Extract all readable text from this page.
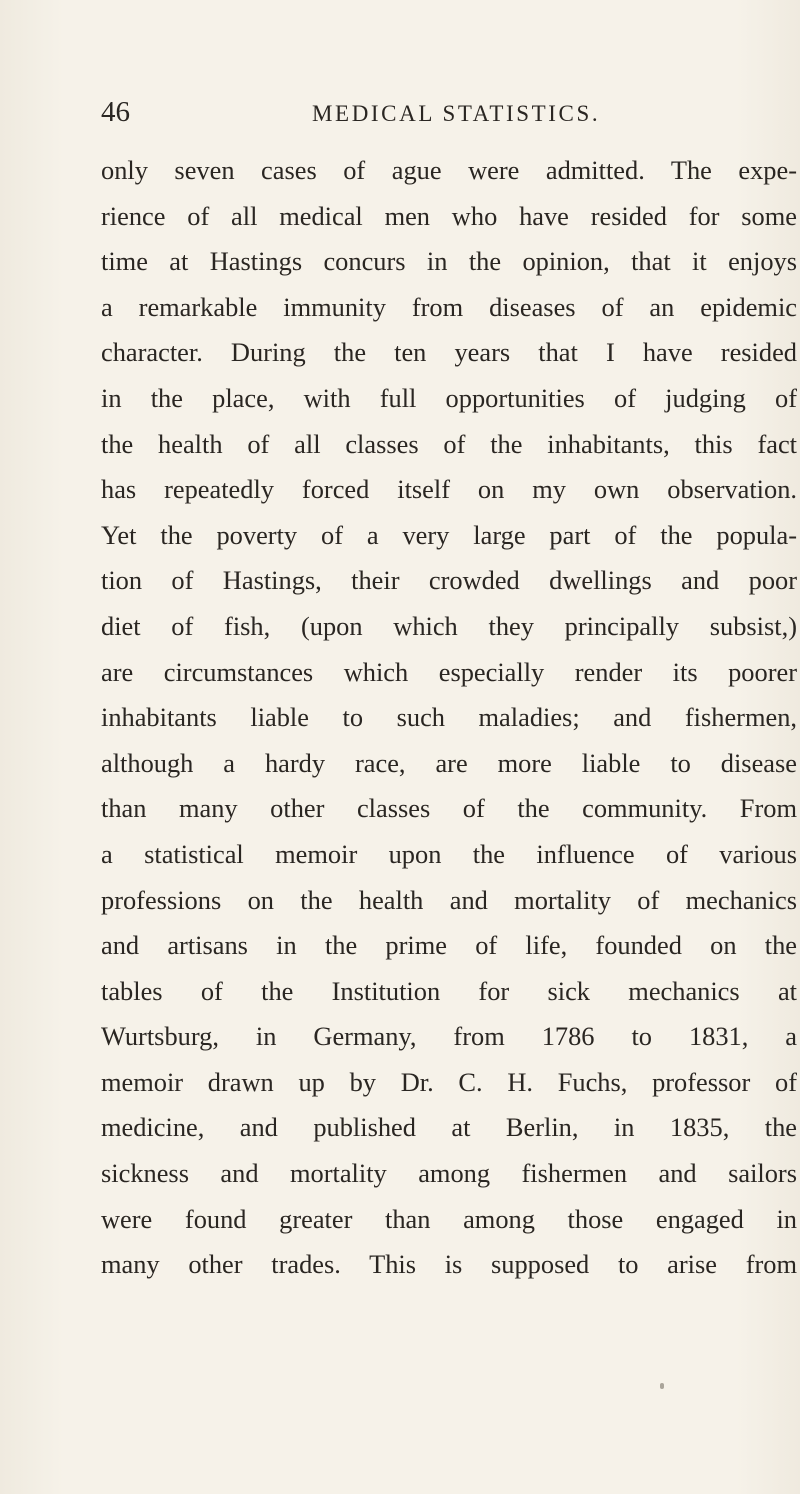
46	MEDICAL STATISTICS.
only seven cases of ague were admitted. The expe-
rience of all medical men who have resided for some
time at Hastings concurs in the opinion, that it enjoys
a remarkable immunity from diseases of an epidemic
character. During the ten years that I have resided
in the place, with full opportunities of judging of
the health of all classes of the inhabitants, this fact
has repeatedly forced itself on my own observation.
Yet the poverty of a very large part of the popula-
tion of Hastings, their crowded dwellings and poor
diet of fish, (upon which they principally subsist,)
are circumstances which especially render its poorer
inhabitants liable to such maladies; and fishermen,
although a hardy race, are more liable to disease
than many other classes of the community. From
a statistical memoir upon the influence of various
professions on the health and mortality of mechanics
and artisans in the prime of life, founded on the
tables of the Institution for sick mechanics at
Wurtsburg, in Germany, from 1786 to 1831, a
memoir drawn up by Dr. C. H. Fuchs, professor of
medicine, and published at Berlin, in 1835, the
sickness and mortality among fishermen and sailors
were found greater than among those engaged in
many other trades. This is supposed to arise from
